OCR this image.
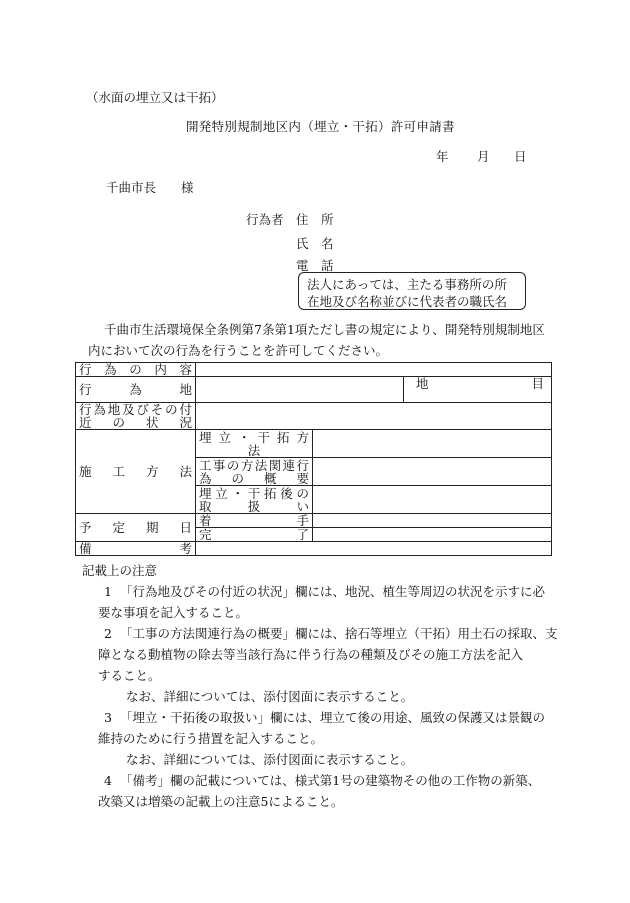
（水面の埋立又は干拓）
開発特別規制地区内（埋立・干拓）許可申請書
年 月 日
千曲市長　　様
行為者 住　所
氏　名
電　話
法人にあっては、主たる事務所の所
在地及び名称並びに代表者の職氏名
千曲市生活環境保全条例第7条第1項ただし書の規定により、開発特別規制地区
内において次の行為を行うことを許可してください。
行為の内容			

行為地			地 目

行為地及びその付
近の状況			

施工方法	埋立・干拓方
法		

	工事の方法関連行
為の概要		

	埋立・干拓後の
取扱い		

予定期日	着 手		

	完 了		

備考			

記載上の注意
1 「行為地及びその付近の状況」欄には、地況、植生等周辺の状況を示すに必
要な事項を記入すること。
2 「工事の方法関連行為の概要」欄には、捨石等埋立（干拓）用土石の採取、支
障となる動植物の除去等当該行為に伴う行為の種類及びその施工方法を記入
すること。
なお、詳細については、添付図面に表示すること。
3 「埋立・干拓後の取扱い」欄には、埋立て後の用途、風致の保護又は景観の
維持のために行う措置を記入すること。
なお、詳細については、添付図面に表示すること。
4 「備考」欄の記載については、様式第1号の建築物その他の工作物の新築、
改築又は増築の記載上の注意5によること。
